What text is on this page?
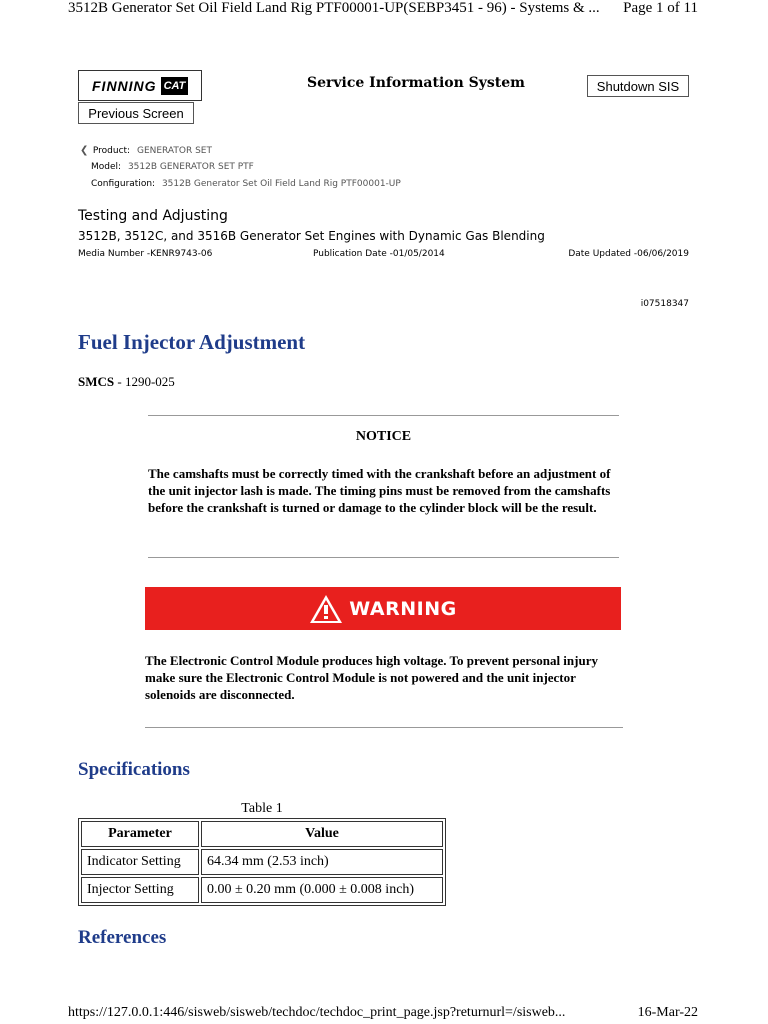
3512B Generator Set Oil Field Land Rig PTF00001-UP(SEBP3451 - 96) - Systems & ... Page 1 of 11
FINNING CAT	Service Information System	Shutdown SIS
Previous Screen
❮ Product: GENERATOR SET
Model: 3512B GENERATOR SET PTF
Configuration: 3512B Generator Set Oil Field Land Rig PTF00001-UP
Testing and Adjusting
3512B, 3512C, and 3516B Generator Set Engines with Dynamic Gas Blending
Media Number -KENR9743-06	Publication Date -01/05/2014	Date Updated -06/06/2019
i07518347
Fuel Injector Adjustment
SMCS - 1290-025
NOTICE
The camshafts must be correctly timed with the crankshaft before an adjustment of the unit injector lash is made. The timing pins must be removed from the camshafts before the crankshaft is turned or damage to the cylinder block will be the result.
WARNING
The Electronic Control Module produces high voltage. To prevent personal injury make sure the Electronic Control Module is not powered and the unit injector solenoids are disconnected.
Specifications
Table 1
Parameter	Value
Indicator Setting	64.34 mm (2.53 inch)
Injector Setting	0.00 ± 0.20 mm (0.000 ± 0.008 inch)
References
https://127.0.0.1:446/sisweb/sisweb/techdoc/techdoc_print_page.jsp?returnurl=/sisweb...	16-Mar-22
